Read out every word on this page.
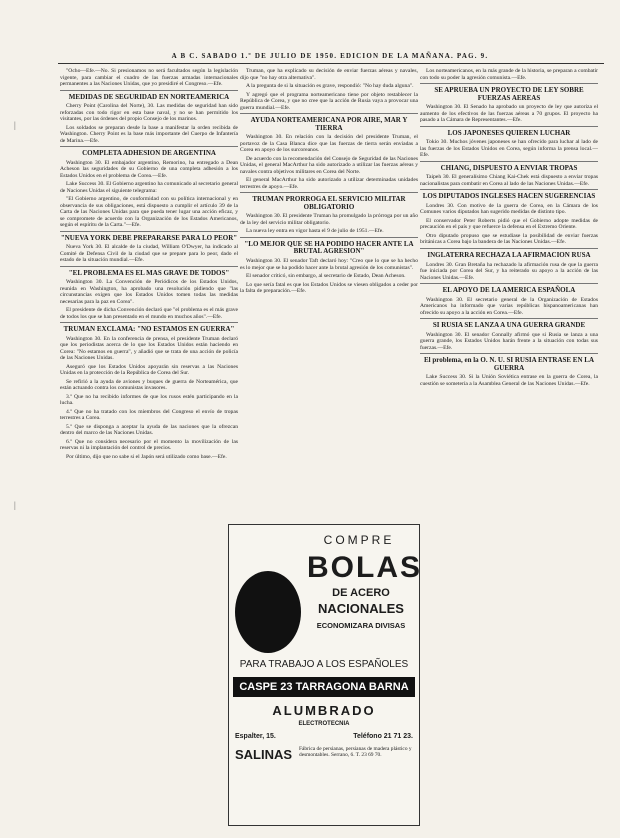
A B C. SABADO 1.º DE JULIO DE 1950. EDICION DE LA MAÑANA. PAG. 9.

"Ocho—Efe.—No. Si presionamos no será facultados según la legislación vigente, para cambiar el cuadro de las fuerzas armadas internacionales permanentes a las Naciones Unidas, que yo presidiré el Congreso.—Efe.

MEDIDAS DE SEGURIDAD EN NORTEAMERICA

Cherry Point (Carolina del Norte), 30. Las medidas de seguridad han sido reforzadas con todo rigor en esta base naval, y no se han permitido los visitantes, por las órdenes del propio Consejo de los marinos.

Los soldados se preparan desde la base a manifestar la orden recibida de Washington. Cherry Point es la base más importante del Cuerpo de Infantería de Marina.—Efe.

COMPLETA ADHESION DE ARGENTINA

Washington 30. El embajador argentino, Remorino, ha entregado a Dean Acheson las seguridades de su Gobierno de una completa adhesión a los Estados Unidos en el problema de Corea.—Efe.

Lake Success 30. El Gobierno argentino ha comunicado al secretario general de Naciones Unidas el siguiente telegrama:

"El Gobierno argentino, de conformidad con su política internacional y en observancia de sus obligaciones, está dispuesto a cumplir el artículo 39 de la Carta de las Naciones Unidas para que pueda tener lugar una acción eficaz, y se compromete de acuerdo con la Organización de los Estados Americanos, según el espíritu de la Carta."—Efe.

"NUEVA YORK DEBE PREPARARSE PARA LO PEOR"

Nueva York 30. El alcalde de la ciudad, William O'Dwyer, ha indicado al Comité de Defensa Civil de la ciudad que se prepare para lo peor, dado el estado de la situación mundial.—Efe.

"EL PROBLEMA ES EL MAS GRAVE DE TODOS"

Washington 30. La Convención de Periódicos de los Estados Unidos, reunida en Washington, ha aprobado una resolución pidiendo que "las circunstancias exigen que los Estados Unidos tomen todas las medidas necesarias para la paz en Corea".

El presidente de dicha Convención declaró que "el problema es el más grave de todos los que se han presentado en el mundo en muchos años".—Efe.

TRUMAN EXCLAMA: "NO ESTAMOS EN GUERRA"

Washington 30. En la conferencia de prensa, el presidente Truman declaró que los periodistas acerca de lo que los Estados Unidos están haciendo en Corea: "No estamos en guerra", y añadió que se trata de una acción de policía de las Naciones Unidas.

Aseguró que los Estados Unidos apoyarán sin reservas a las Naciones Unidas en la protección de la República de Corea del Sur.

Se refirió a la ayuda de aviones y buques de guerra de Norteamérica, que están actuando contra los comunistas invasores.

3.º Que no ha recibido informes de que los rusos estén participando en la lucha.

4.º Que no ha tratado con los miembros del Congreso el envío de tropas terrestres a Corea.

5.º Que se disponga a aceptar la ayuda de las naciones que la ofrezcan dentro del marco de las Naciones Unidas.

6.º Que no considera necesario por el momento la movilización de las reservas ni la implantación del control de precios.

Por último, dijo que no sabe si el Japón será utilizado como base.—Efe.

Truman, que ha explicado su decisión de enviar fuerzas aéreas y navales, dijo que "no hay otra alternativa".

A la pregunta de si la situación es grave, respondió: "No hay duda alguna".

Y agregó que el programa norteamericano tiene por objeto restablecer la República de Corea, y que no cree que la acción de Rusia vaya a provocar una guerra mundial.—Efe.

AYUDA NORTEAMERICANA POR AIRE, MAR Y TIERRA

Washington 30. En relación con la decisión del presidente Truman, el portavoz de la Casa Blanca dice que las fuerzas de tierra serán enviadas a Corea en apoyo de los surcoreanos.

De acuerdo con la recomendación del Consejo de Seguridad de las Naciones Unidas, el general MacArthur ha sido autorizado a utilizar las fuerzas aéreas y navales contra objetivos militares en Corea del Norte.

El general MacArthur ha sido autorizado a utilizar determinadas unidades terrestres de apoyo.—Efe.

TRUMAN PRORROGA EL SERVICIO MILITAR OBLIGATORIO

Washington 30. El presidente Truman ha promulgado la prórroga por un año de la ley del servicio militar obligatorio.

La nueva ley entra en vigor hasta el 9 de julio de 1951.—Efe.

"LO MEJOR QUE SE HA PODIDO HACER ANTE LA BRUTAL AGRESION"

Washington 30. El senador Taft declaró hoy: "Creo que lo que se ha hecho es lo mejor que se ha podido hacer ante la brutal agresión de los comunistas".

El senador criticó, sin embargo, al secretario de Estado, Dean Acheson.

Lo que sería fatal es que los Estados Unidos se viesen obligados a ceder por la falta de preparación.—Efe.

Los norteamericanos, en la más grande de la historia, se preparan a combatir con todo su poder la agresión comunista.—Efe.

SE APRUEBA UN PROYECTO DE LEY SOBRE FUERZAS AEREAS

Washington 30. El Senado ha aprobado un proyecto de ley que autoriza el aumento de los efectivos de las fuerzas aéreas a 70 grupos. El proyecto ha pasado a la Cámara de Representantes.—Efe.

LOS JAPONESES QUIEREN LUCHAR

Tokio 30. Muchos jóvenes japoneses se han ofrecido para luchar al lado de las fuerzas de los Estados Unidos en Corea, según informa la prensa local.—Efe.

CHIANG, DISPUESTO A ENVIAR TROPAS

Taipeh 30. El generalísimo Chiang Kai-Chek está dispuesto a enviar tropas nacionalistas para combatir en Corea al lado de las Naciones Unidas.—Efe.

LOS DIPUTADOS INGLESES HACEN SUGERENCIAS

Londres 30. Con motivo de la guerra de Corea, en la Cámara de los Comunes varios diputados han sugerido medidas de distinto tipo.

El conservador Peter Roberts pidió que el Gobierno adopte medidas de precaución en el país y que refuerce la defensa en el Extremo Oriente.

Otro diputado propuso que se estudiase la posibilidad de enviar fuerzas británicas a Corea bajo la bandera de las Naciones Unidas.—Efe.

INGLATERRA RECHAZA LA AFIRMACION RUSA

Londres 30. Gran Bretaña ha rechazado la afirmación rusa de que la guerra fue iniciada por Corea del Sur, y ha reiterado su apoyo a la acción de las Naciones Unidas.—Efe.

EL APOYO DE LA AMERICA ESPAÑOLA

Washington 30. El secretario general de la Organización de Estados Americanos ha informado que varias repúblicas hispanoamericanas han ofrecido su apoyo a la acción en Corea.—Efe.

SI RUSIA SE LANZA A UNA GUERRA GRANDE

Washington 30. El senador Connally afirmó que si Rusia se lanza a una guerra grande, los Estados Unidos harán frente a la situación con todas sus fuerzas.—Efe.

El problema, en la O. N. U. SI RUSIA ENTRASE EN LA GUERRA

Lake Success 30. Si la Unión Soviética entrase en la guerra de Corea, la cuestión se sometería a la Asamblea General de las Naciones Unidas.—Efe.

|
|
COMPRE
BOLAS
DE ACERO
NACIONALES
ECONOMIZARA DIVISAS
PARA TRABAJO A LOS ESPAÑOLES
CASPE 23 TARRAGONA BARNA
ALUMBRADO
ELECTROTECNIA
Espalter, 15.	Teléfono 21 71 23.
SALINAS Fábrica de persianas, persianas de madera plástico y desmontables. Serrano, 6. T. 23 69 70.
